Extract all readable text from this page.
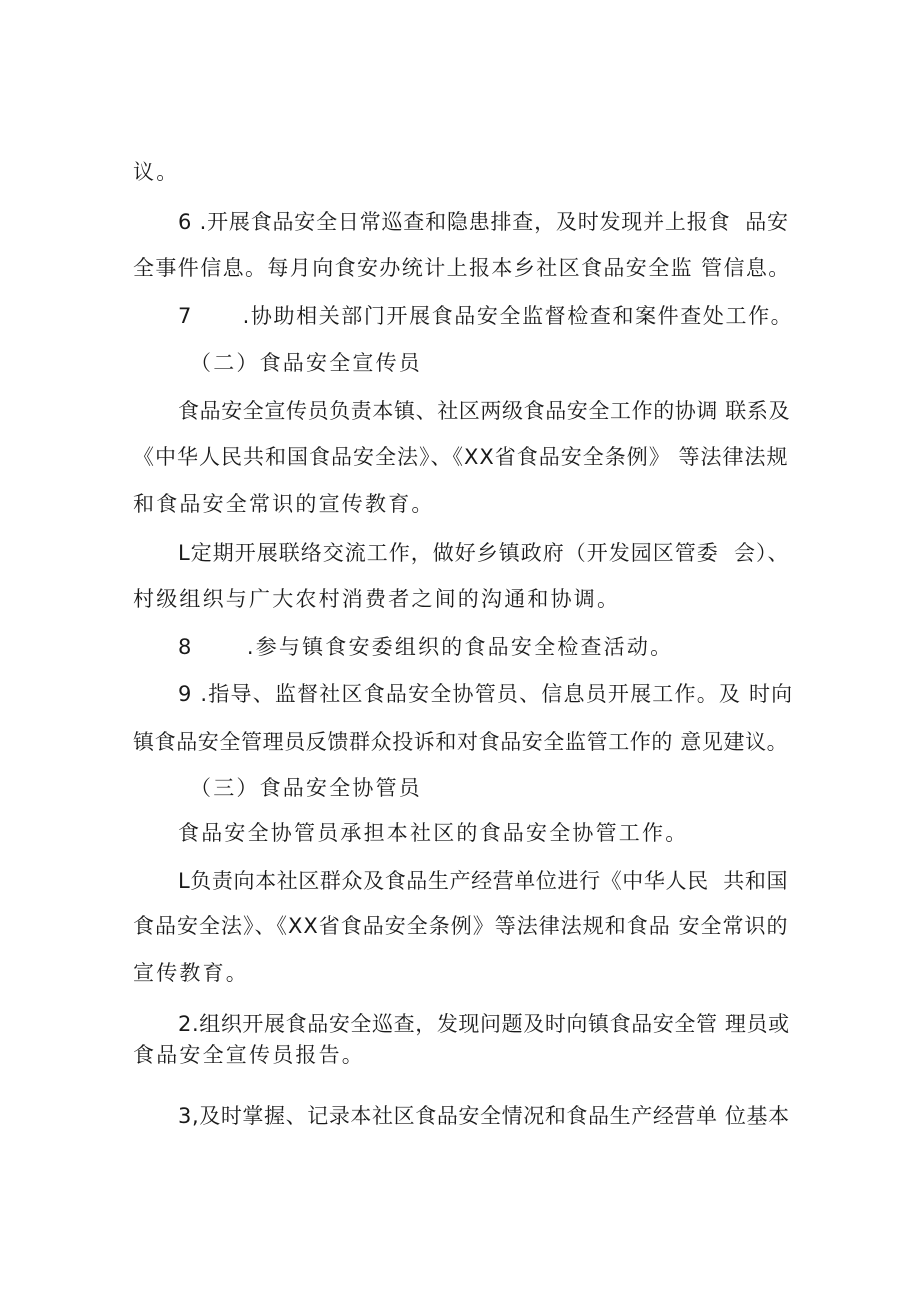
议。
6 .开展食品安全日常巡查和隐患排查，及时发现并上报食  品安
全事件信息。每月向食安办统计上报本乡社区食品安全监 管信息。
7      .协助相关部门开展食品安全监督检查和案件查处工作。
（二）食品安全宣传员
食品安全宣传员负责本镇、社区两级食品安全工作的协调 联系及
《中华人民共和国食品安全法》、《XX省食品安全条例》 等法律法规
和食品安全常识的宣传教育。
L定期开展联络交流工作，做好乡镇政府（开发园区管委  会）、
村级组织与广大农村消费者之间的沟通和协调。
8      .参与镇食安委组织的食品安全检查活动。
9 .指导、监督社区食品安全协管员、信息员开展工作。及 时向
镇食品安全管理员反馈群众投诉和对食品安全监管工作的 意见建议。
（三）食品安全协管员
食品安全协管员承担本社区的食品安全协管工作。
L负责向本社区群众及食品生产经营单位进行《中华人民  共和国
食品安全法》、《XX省食品安全条例》等法律法规和食品 安全常识的
宣传教育。
2.组织开展食品安全巡查，发现问题及时向镇食品安全管 理员或
食品安全宣传员报告。
3,及时掌握、记录本社区食品安全情况和食品生产经营单 位基本
